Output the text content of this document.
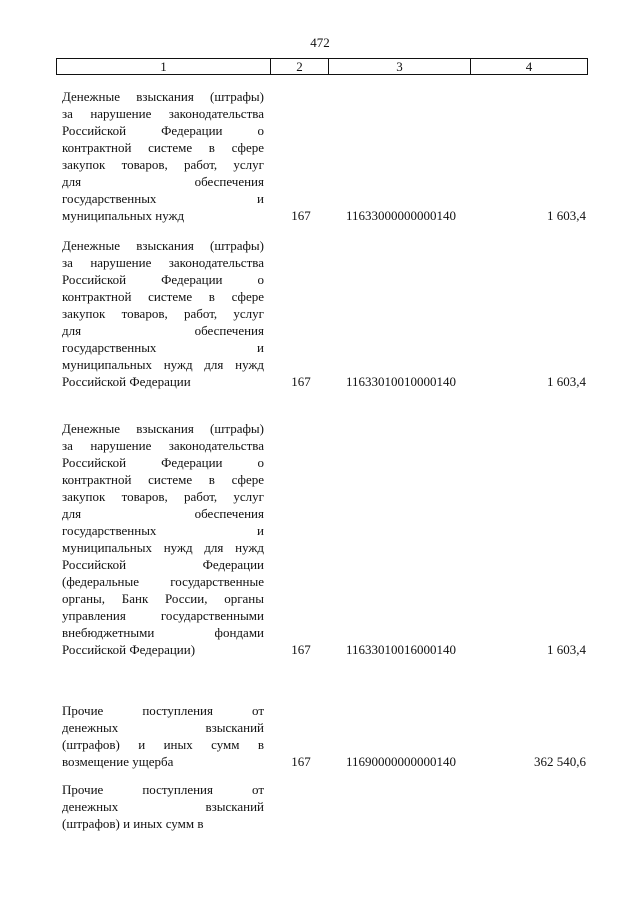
472
1	2	3	4
Денежные взыскания (штрафы)
за нарушение законодательства
Российской Федерации о
контрактной системе в сфере
закупок товаров, работ, услуг
для обеспечения
государственных и
муниципальных нужд	167	11633000000000140	1 603,4
Денежные взыскания (штрафы)
за нарушение законодательства
Российской Федерации о
контрактной системе в сфере
закупок товаров, работ, услуг
для обеспечения
государственных и
муниципальных нужд для нужд
Российской Федерации	167	11633010010000140	1 603,4
Денежные взыскания (штрафы)
за нарушение законодательства
Российской Федерации о
контрактной системе в сфере
закупок товаров, работ, услуг
для обеспечения
государственных и
муниципальных нужд для нужд
Российской Федерации
(федеральные государственные
органы, Банк России, органы
управления государственными
внебюджетными фондами
Российской Федерации)	167	11633010016000140	1 603,4
Прочие поступления от
денежных взысканий
(штрафов) и иных сумм в
возмещение ущерба	167	11690000000000140	362 540,6
Прочие поступления от
денежных взысканий
(штрафов) и иных сумм в
